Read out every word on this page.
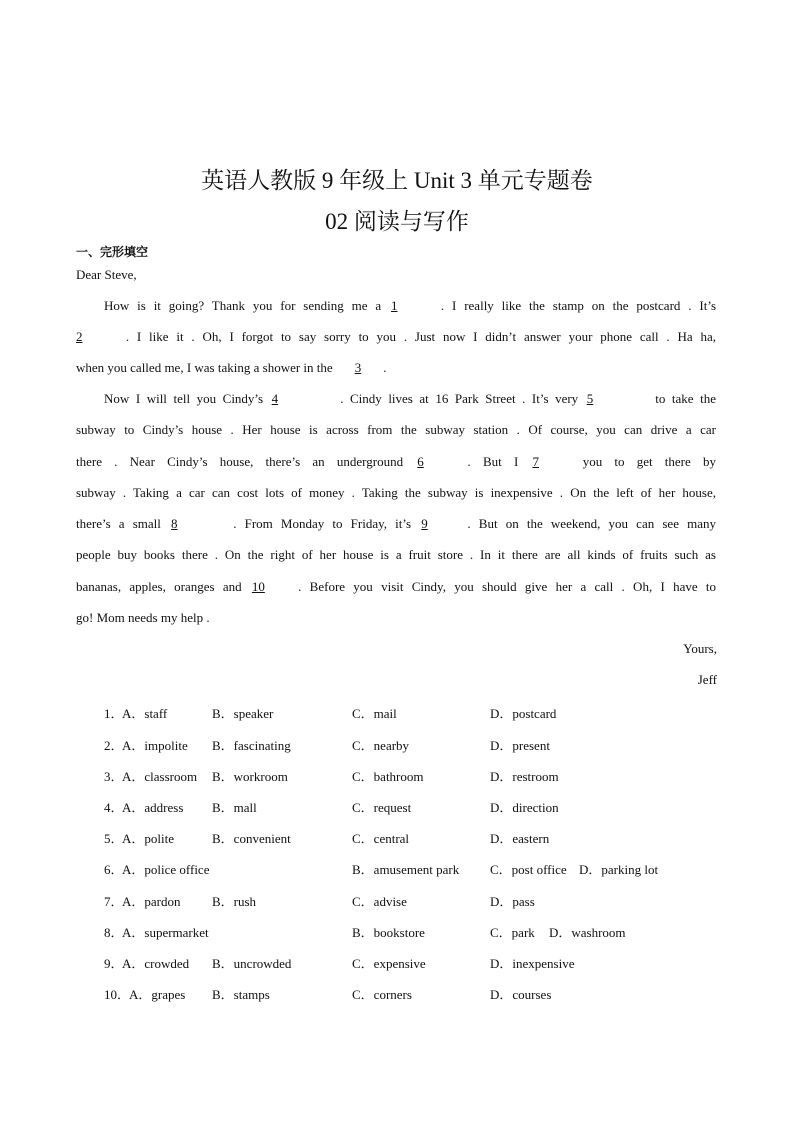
英语人教版 9 年级上 Unit 3 单元专题卷
02 阅读与写作
一、完形填空
Dear Steve,
How is it going? Thank you for sending me a 1	. I really like the stamp on the postcard . It’s
2	. I like it . Oh, I forgot to say sorry to you . Just now I didn’t answer your phone call . Ha ha,
when you called me, I was taking a shower in the 3 .
Now I will tell you Cindy’s 4	. Cindy lives at 16 Park Street . It’s very 5	to take the
subway to Cindy’s house . Her house is across from the subway station . Of course, you can drive a car
there . Near Cindy’s house, there’s an underground 6 . But I 7 you to get there by
subway . Taking a car can cost lots of money . Taking the subway is inexpensive . On the left of her house,
there’s a small 8	. From Monday to Friday, it’s 9 . But on the weekend, you can see many
people buy books there . On the right of her house is a fruit store . In it there are all kinds of fruits such as
bananas, apples, oranges and 10 . Before you visit Cindy, you should give her a call . Oh, I have to
go! Mom needs my help .
Yours,
Jeff
1．
A．staff	B．speaker	C．mail	D．postcard
2．
A．impolite B．fascinating	C．nearby	D．present
3．
A．classroom B．workroom	C．bathroom	D．restroom
4．
A．address B．mall	C．request	D．direction
5．
A．polite	B．convenient	C．central	D．eastern
6．
A．police office	B．amusement park C．post office D．parking lot
7．
A．pardon B．rush	C．advise	D．pass
8．
A．supermarket	B．bookstore	C．park D．washroom
9．
A．crowded B．uncrowded	C．expensive	D．inexpensive
10．
A．grapes B．stamps	C．corners	D．courses
